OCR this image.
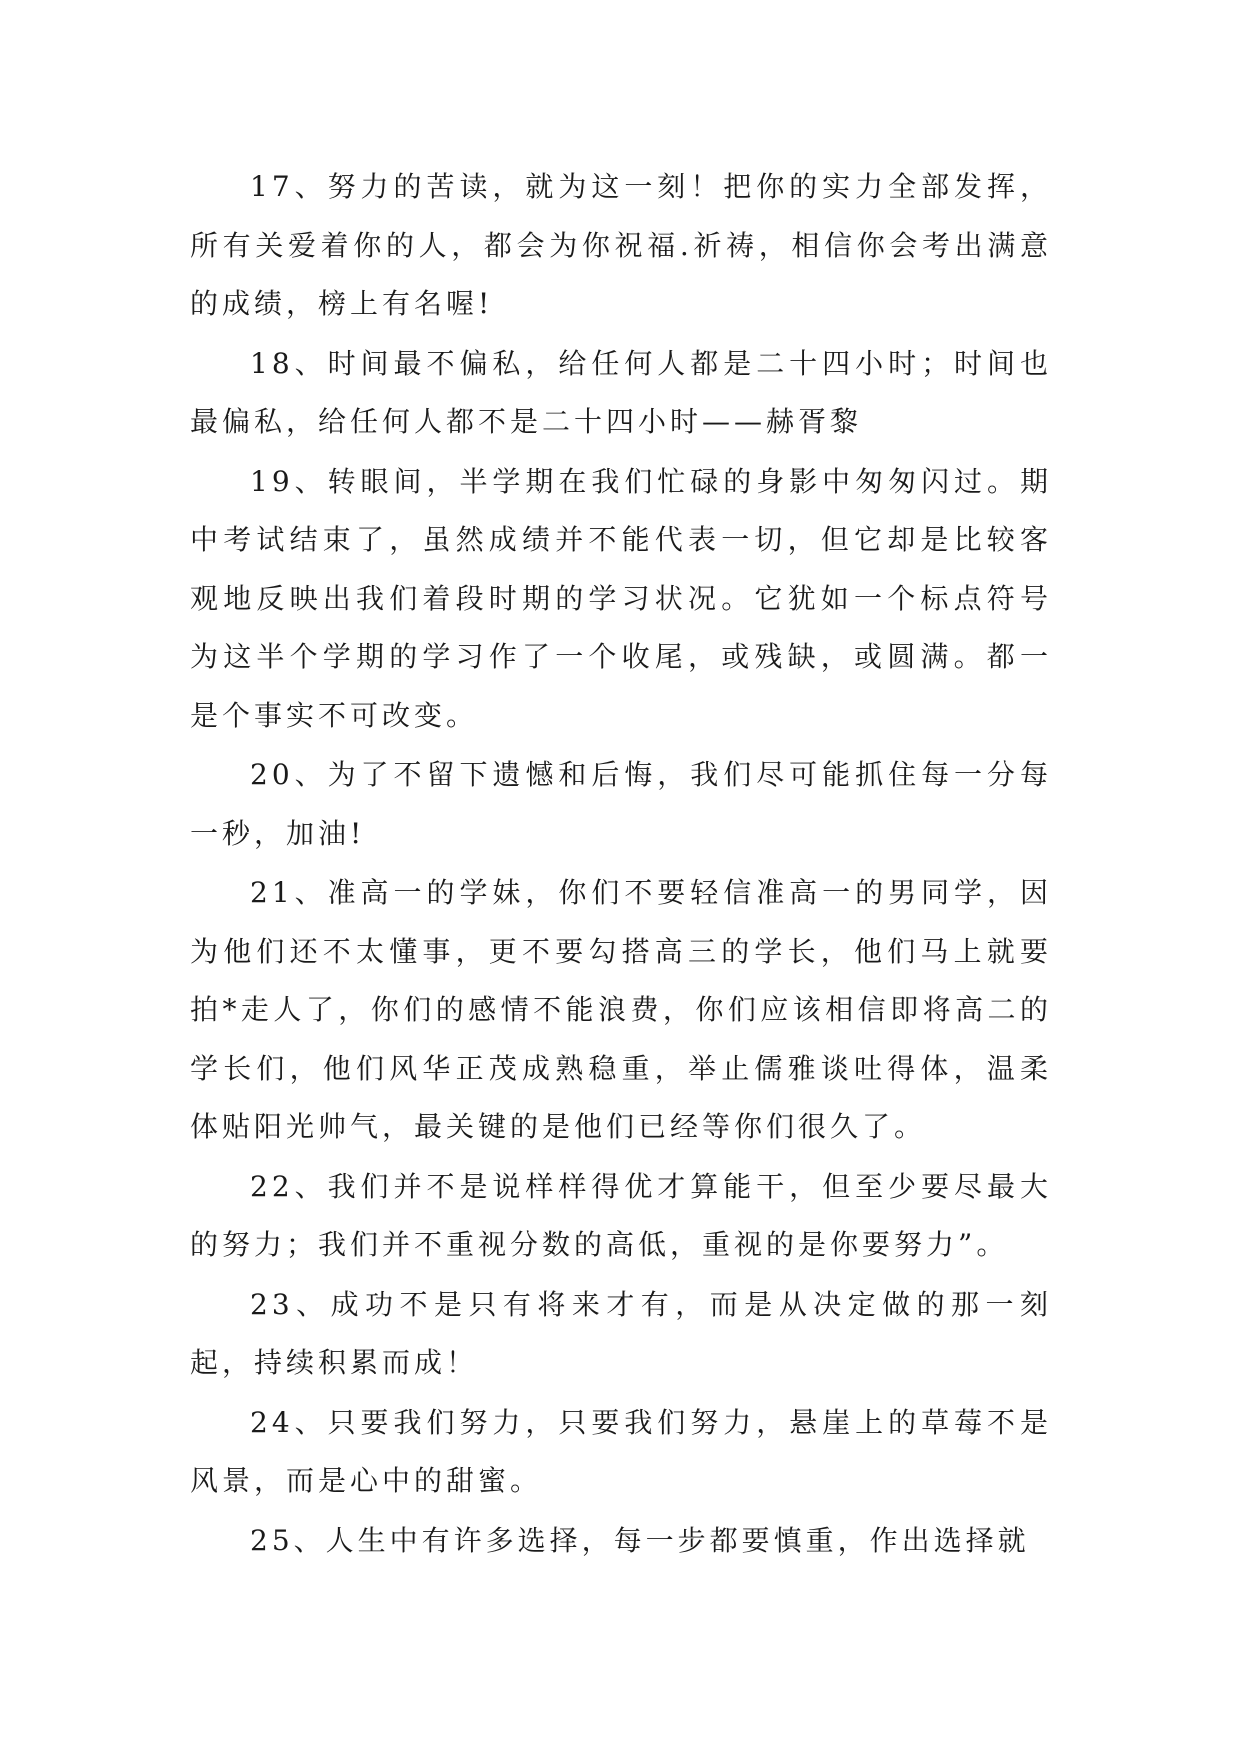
17、努力的苦读，就为这一刻！把你的实力全部发挥，所有关爱着你的人，都会为你祝福.祈祷，相信你会考出满意的成绩，榜上有名喔!

18、时间最不偏私，给任何人都是二十四小时；时间也最偏私，给任何人都不是二十四小时——赫胥黎

19、转眼间，半学期在我们忙碌的身影中匆匆闪过。期中考试结束了，虽然成绩并不能代表一切，但它却是比较客观地反映出我们着段时期的学习状况。它犹如一个标点符号为这半个学期的学习作了一个收尾，或残缺，或圆满。都一是个事实不可改变。

20、为了不留下遗憾和后悔，我们尽可能抓住每一分每一秒，加油!

21、准高一的学妹，你们不要轻信准高一的男同学，因为他们还不太懂事，更不要勾搭高三的学长，他们马上就要拍*走人了，你们的感情不能浪费，你们应该相信即将高二的学长们，他们风华正茂成熟稳重，举止儒雅谈吐得体，温柔体贴阳光帅气，最关键的是他们已经等你们很久了。

22、我们并不是说样样得优才算能干，但至少要尽最大的努力；我们并不重视分数的高低，重视的是你要努力”。

23、成功不是只有将来才有，而是从决定做的那一刻起，持续积累而成！

24、只要我们努力，只要我们努力，悬崖上的草莓不是风景，而是心中的甜蜜。

25、人生中有许多选择，每一步都要慎重，作出选择就
